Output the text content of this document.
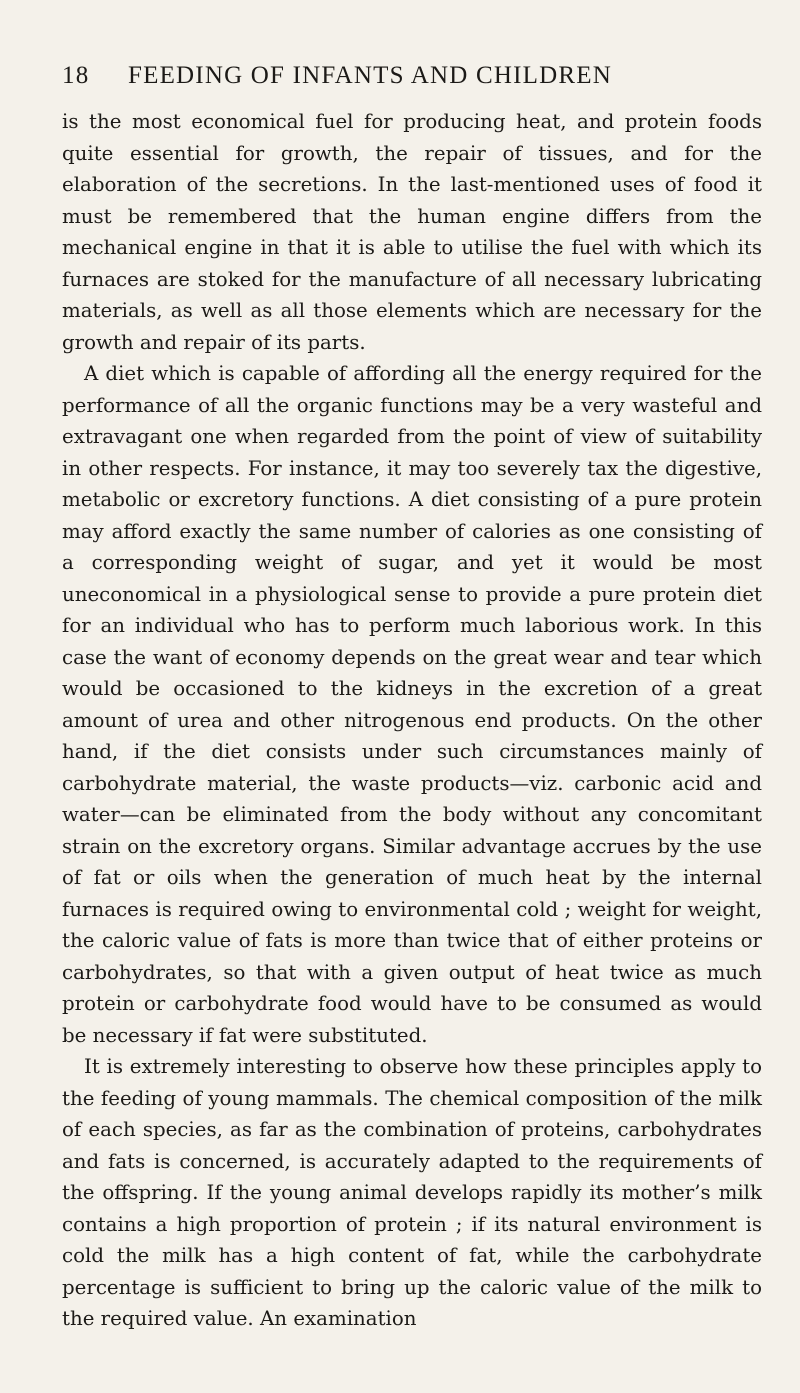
18 FEEDING OF INFANTS AND CHILDREN

is the most economical fuel for producing heat, and protein foods quite essential for growth, the repair of tissues, and for the elaboration of the secretions. In the last-mentioned uses of food it must be remembered that the human engine differs from the mechanical engine in that it is able to utilise the fuel with which its furnaces are stoked for the manufacture of all necessary lubricating materials, as well as all those elements which are necessary for the growth and repair of its parts.

A diet which is capable of affording all the energy required for the performance of all the organic functions may be a very wasteful and extravagant one when regarded from the point of view of suitability in other respects. For instance, it may too severely tax the digestive, metabolic or excretory functions. A diet consisting of a pure protein may afford exactly the same number of calories as one consisting of a corresponding weight of sugar, and yet it would be most uneconomical in a physiological sense to provide a pure protein diet for an individual who has to perform much laborious work. In this case the want of economy depends on the great wear and tear which would be occasioned to the kidneys in the excretion of a great amount of urea and other nitrogenous end products. On the other hand, if the diet consists under such circumstances mainly of carbohydrate material, the waste products—viz. carbonic acid and water—can be eliminated from the body without any concomitant strain on the excretory organs. Similar advantage accrues by the use of fat or oils when the generation of much heat by the internal furnaces is required owing to environmental cold ; weight for weight, the caloric value of fats is more than twice that of either proteins or carbohydrates, so that with a given output of heat twice as much protein or carbohydrate food would have to be consumed as would be necessary if fat were substituted.

It is extremely interesting to observe how these principles apply to the feeding of young mammals. The chemical composition of the milk of each species, as far as the combination of proteins, carbohydrates and fats is concerned, is accurately adapted to the requirements of the offspring. If the young animal develops rapidly its mother’s milk contains a high proportion of protein ; if its natural environment is cold the milk has a high content of fat, while the carbohydrate percentage is sufficient to bring up the caloric value of the milk to the required value. An examination
